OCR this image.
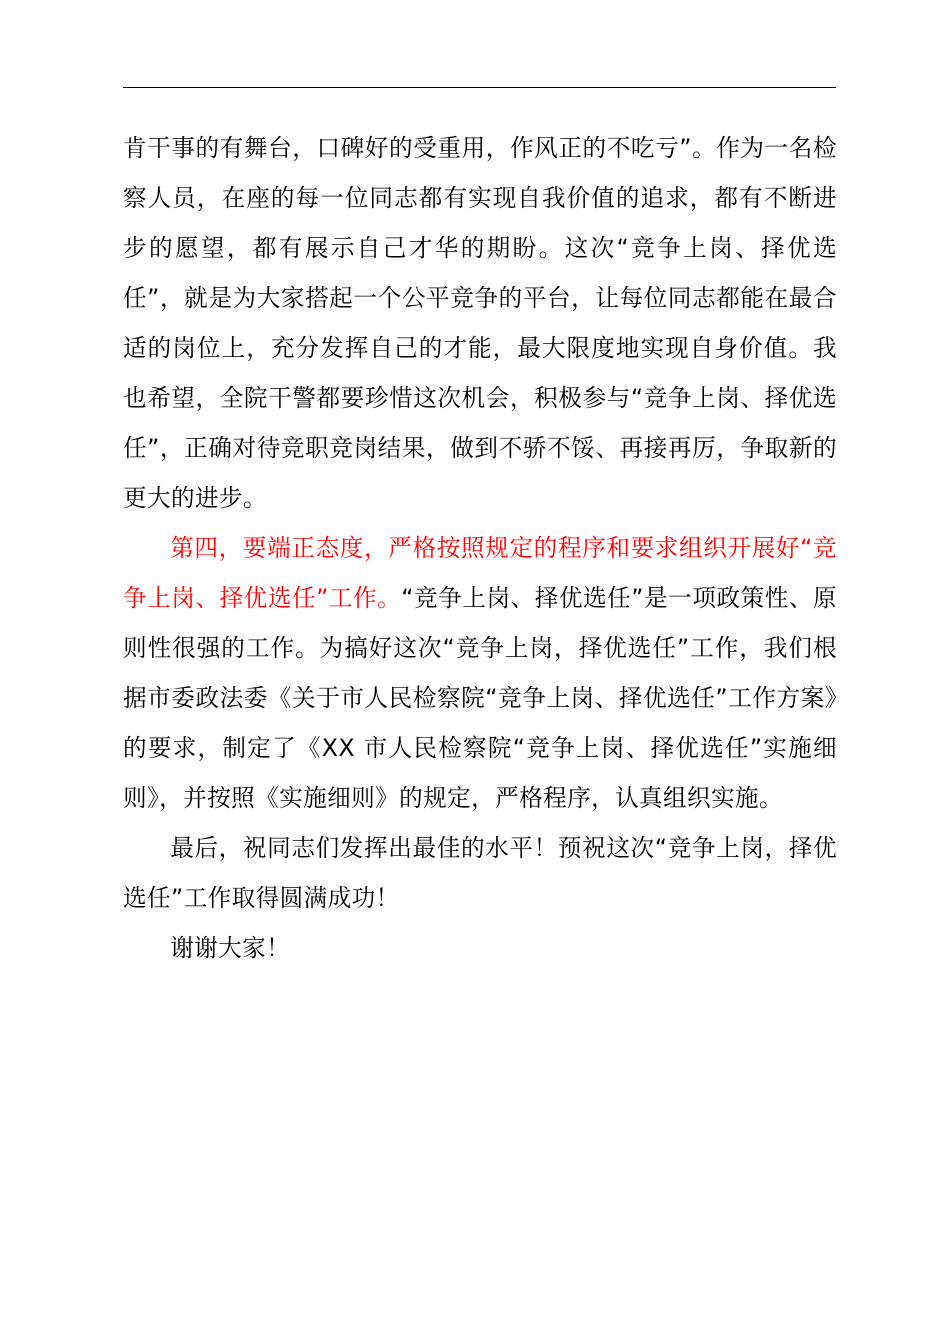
肯干事的有舞台，口碑好的受重用，作风正的不吃亏”。作为一名检察人员，在座的每一位同志都有实现自我价值的追求，都有不断进步的愿望，都有展示自己才华的期盼。这次“竞争上岗、择优选任”，就是为大家搭起一个公平竞争的平台，让每位同志都能在最合适的岗位上，充分发挥自己的才能，最大限度地实现自身价值。我也希望，全院干警都要珍惜这次机会，积极参与“竞争上岗、择优选任”，正确对待竞职竞岗结果，做到不骄不馁、再接再厉，争取新的更大的进步。

第四，要端正态度，严格按照规定的程序和要求组织开展好“竞争上岗、择优选任”工作。“竞争上岗、择优选任”是一项政策性、原则性很强的工作。为搞好这次“竞争上岗，择优选任”工作，我们根据市委政法委《关于市人民检察院“竞争上岗、择优选任”工作方案》的要求，制定了《XX 市人民检察院“竞争上岗、择优选任”实施细则》，并按照《实施细则》的规定，严格程序，认真组织实施。

最后，祝同志们发挥出最佳的水平！预祝这次“竞争上岗，择优选任”工作取得圆满成功！

谢谢大家！
